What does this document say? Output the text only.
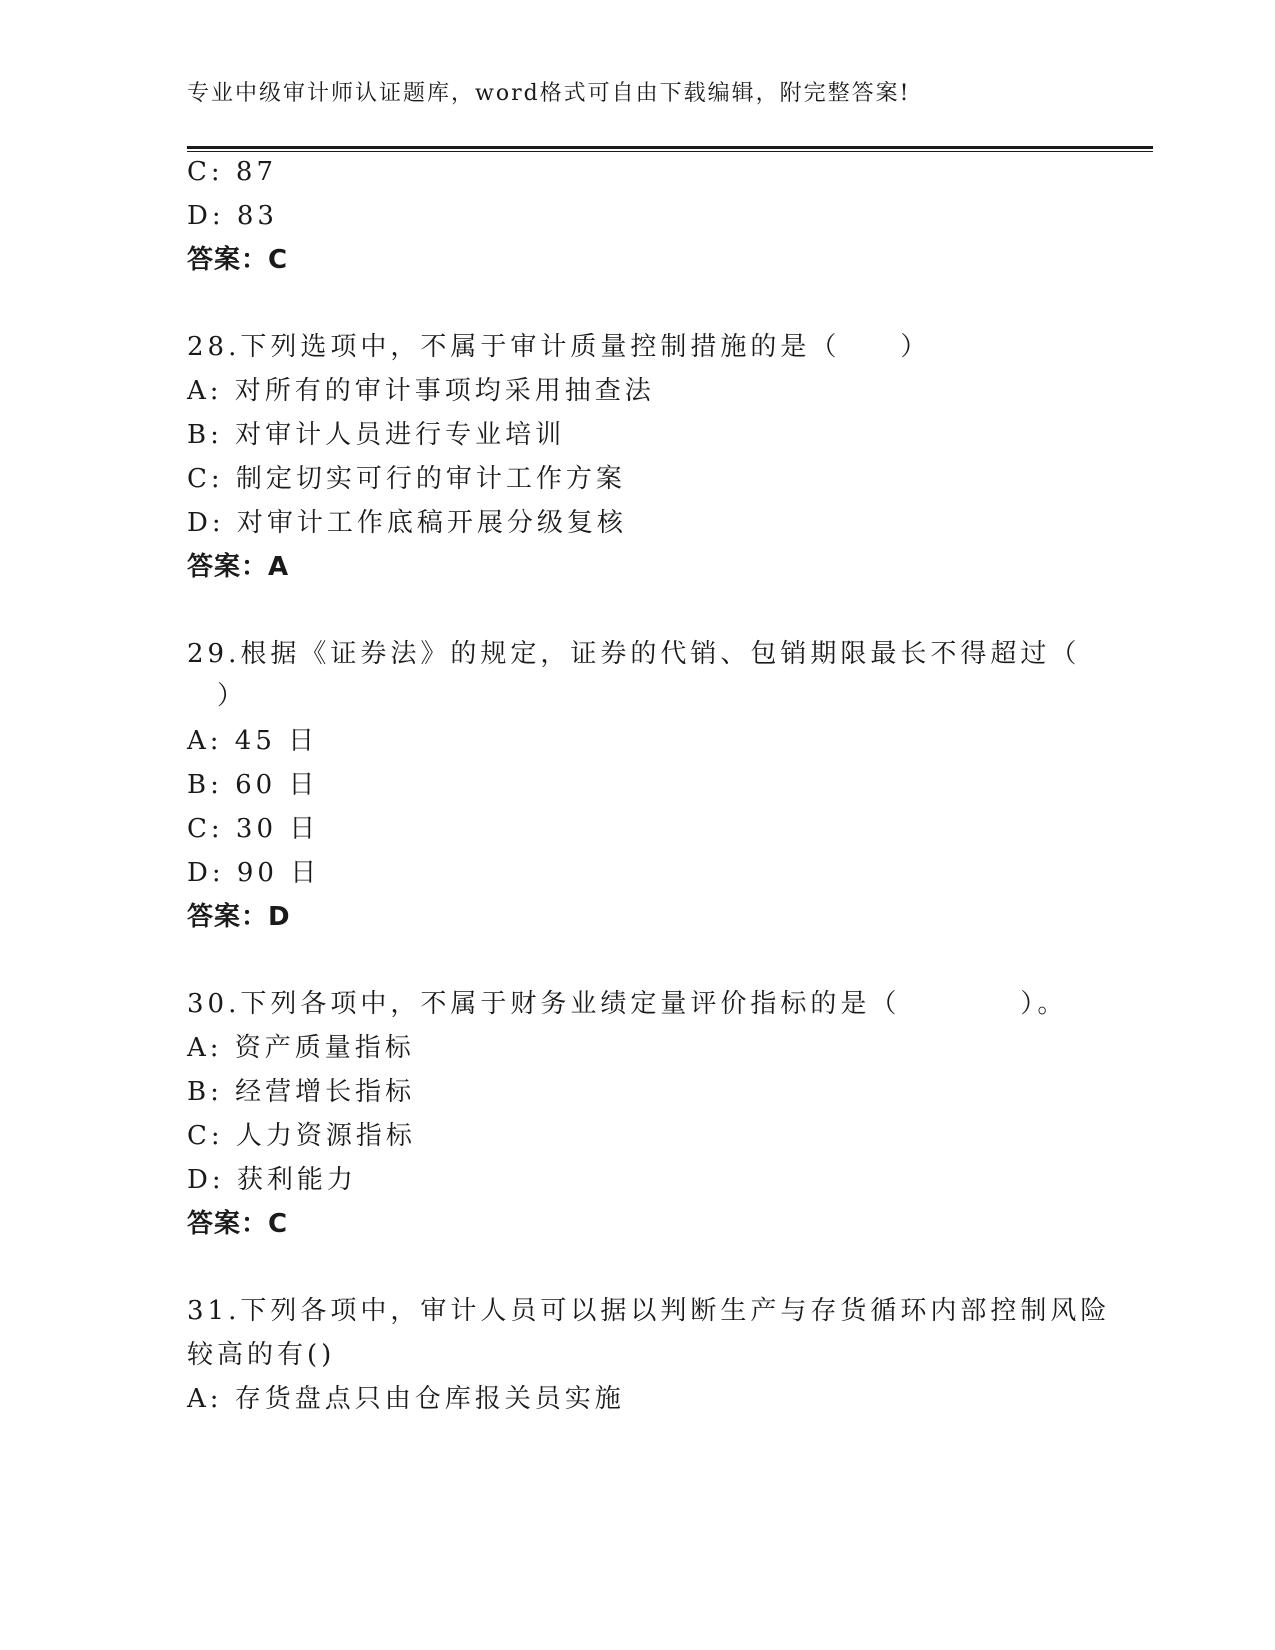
专业中级审计师认证题库，word格式可自由下载编辑，附完整答案!
C: 87
D: 83
答案：C
28.下列选项中，不属于审计质量控制措施的是（　　）
A: 对所有的审计事项均采用抽查法
B: 对审计人员进行专业培训
C: 制定切实可行的审计工作方案
D: 对审计工作底稿开展分级复核
答案：A
29.根据《证券法》的规定，证券的代销、包销期限最长不得超过（
　）
A: 45 日
B: 60 日
C: 30 日
D: 90 日
答案：D
30.下列各项中，不属于财务业绩定量评价指标的是（　　　　）。
A: 资产质量指标
B: 经营增长指标
C: 人力资源指标
D: 获利能力
答案：C
31.下列各项中，审计人员可以据以判断生产与存货循环内部控制风险
较高的有()
A: 存货盘点只由仓库报关员实施
